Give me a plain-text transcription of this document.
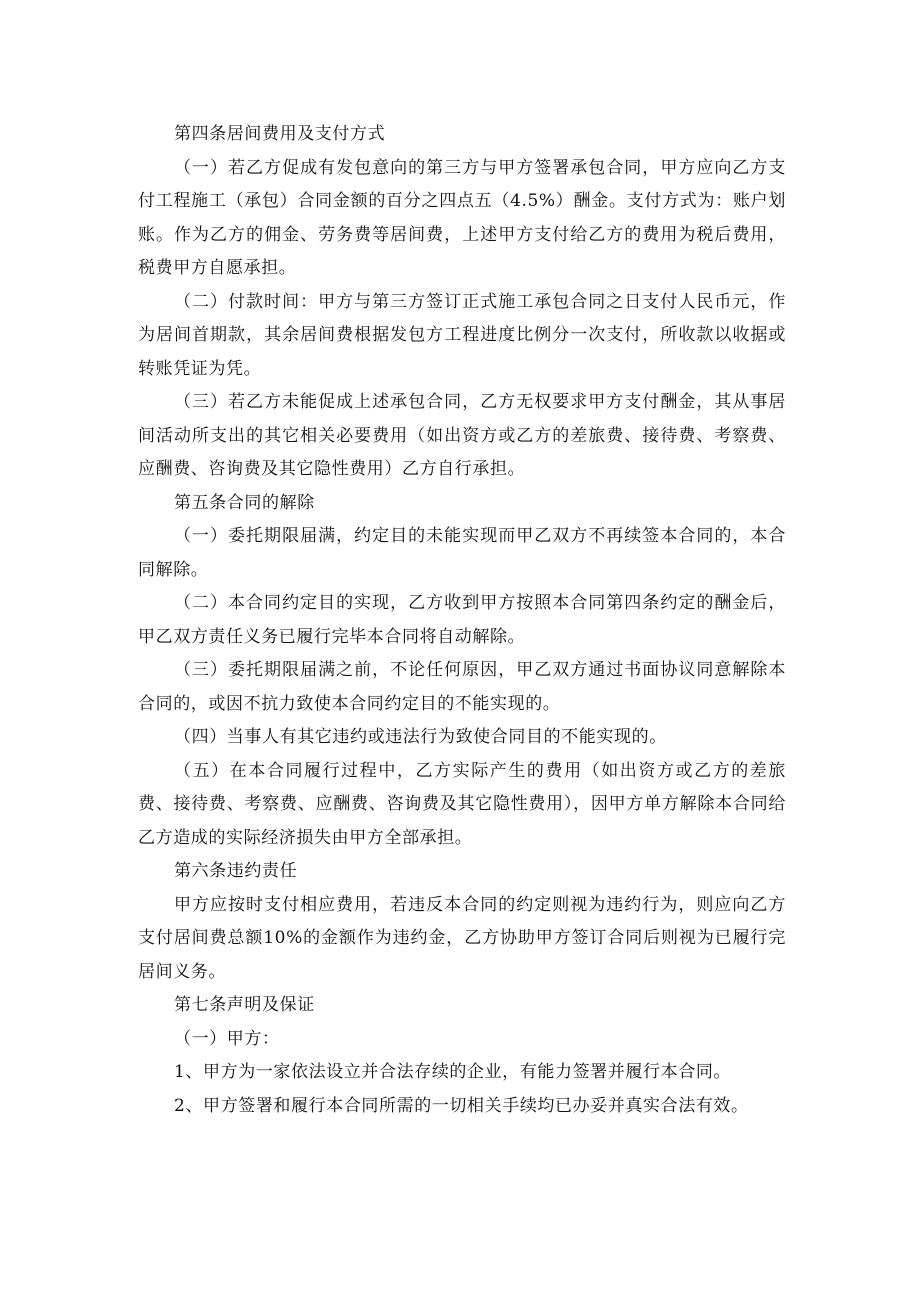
第四条居间费用及支付方式

（一）若乙方促成有发包意向的第三方与甲方签署承包合同，甲方应向乙方支付工程施工（承包）合同金额的百分之四点五（4.5%）酬金。支付方式为：账户划账。作为乙方的佣金、劳务费等居间费，上述甲方支付给乙方的费用为税后费用，税费甲方自愿承担。

（二）付款时间：甲方与第三方签订正式施工承包合同之日支付人民币元，作为居间首期款，其余居间费根据发包方工程进度比例分一次支付，所收款以收据或转账凭证为凭。

（三）若乙方未能促成上述承包合同，乙方无权要求甲方支付酬金，其从事居间活动所支出的其它相关必要费用（如出资方或乙方的差旅费、接待费、考察费、应酬费、咨询费及其它隐性费用）乙方自行承担。

第五条合同的解除

（一）委托期限届满，约定目的未能实现而甲乙双方不再续签本合同的，本合同解除。

（二）本合同约定目的实现，乙方收到甲方按照本合同第四条约定的酬金后，甲乙双方责任义务已履行完毕本合同将自动解除。

（三）委托期限届满之前，不论任何原因，甲乙双方通过书面协议同意解除本合同的，或因不抗力致使本合同约定目的不能实现的。

（四）当事人有其它违约或违法行为致使合同目的不能实现的。

（五）在本合同履行过程中，乙方实际产生的费用（如出资方或乙方的差旅费、接待费、考察费、应酬费、咨询费及其它隐性费用），因甲方单方解除本合同给乙方造成的实际经济损失由甲方全部承担。

第六条违约责任

甲方应按时支付相应费用，若违反本合同的约定则视为违约行为，则应向乙方支付居间费总额10%的金额作为违约金，乙方协助甲方签订合同后则视为已履行完居间义务。

第七条声明及保证

（一）甲方：

1、甲方为一家依法设立并合法存续的企业，有能力签署并履行本合同。

2、甲方签署和履行本合同所需的一切相关手续均已办妥并真实合法有效。
